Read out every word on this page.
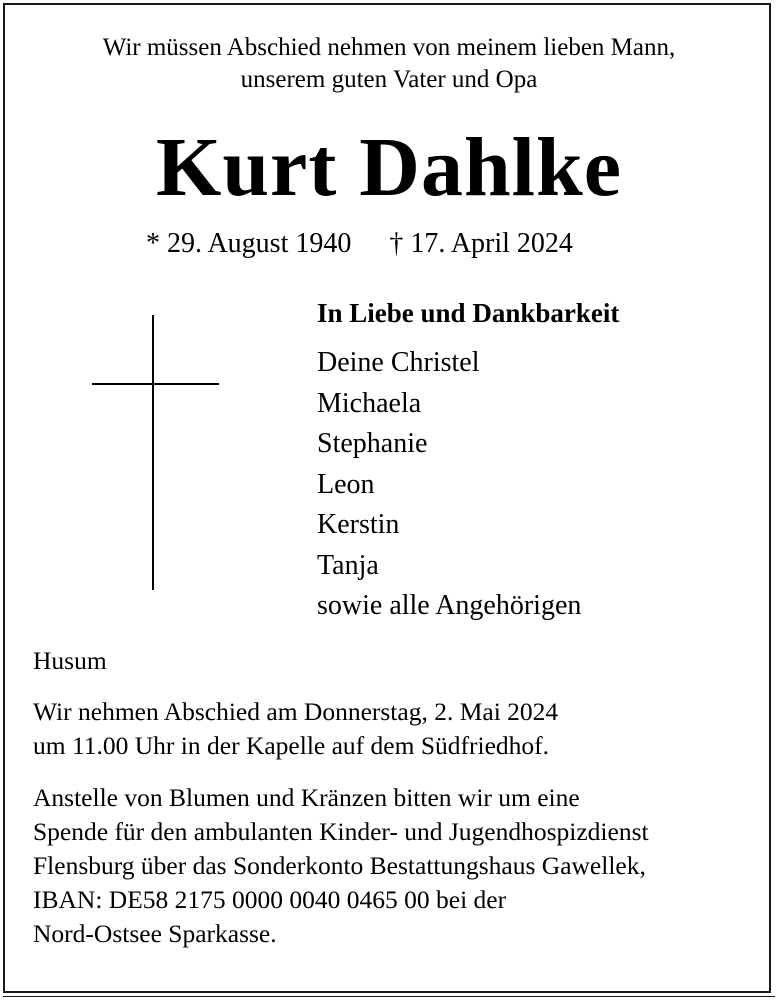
Wir müssen Abschied nehmen von meinem lieben Mann,
unserem guten Vater und Opa
Kurt Dahlke
* 29. August 1940 † 17. April 2024
In Liebe und Dankbarkeit
Deine Christel
Michaela
Stephanie
Leon
Kerstin
Tanja
sowie alle Angehörigen
Husum
Wir nehmen Abschied am Donnerstag, 2. Mai 2024
um 11.00 Uhr in der Kapelle auf dem Südfriedhof.
Anstelle von Blumen und Kränzen bitten wir um eine
Spende für den ambulanten Kinder- und Jugendhospizdienst
Flensburg über das Sonderkonto Bestattungshaus Gawellek,
IBAN: DE58 2175 0000 0040 0465 00 bei der
Nord-Ostsee Sparkasse.
